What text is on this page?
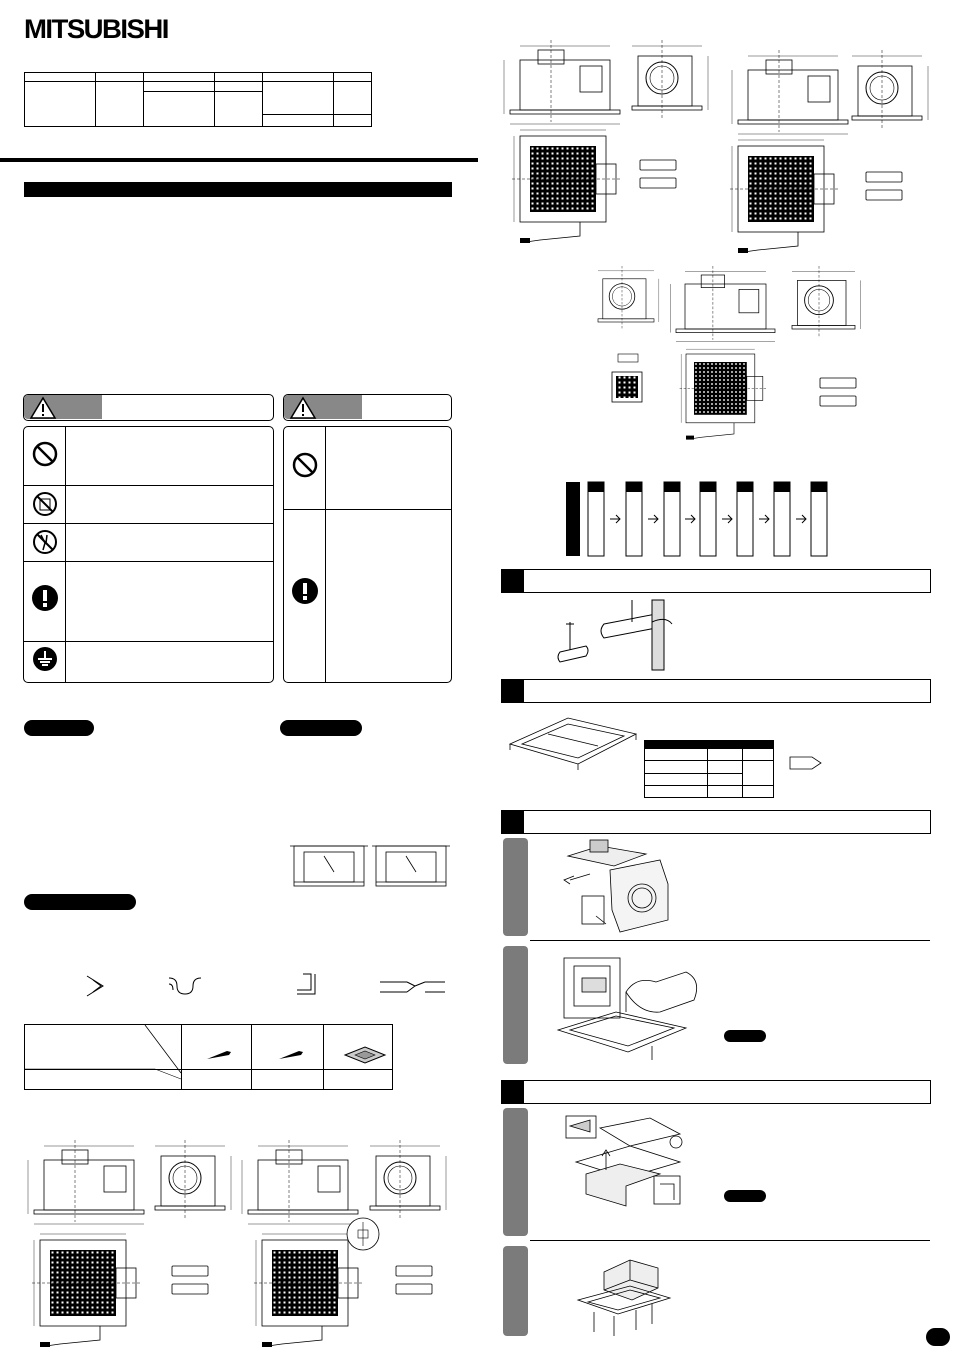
MITSUBISHI
